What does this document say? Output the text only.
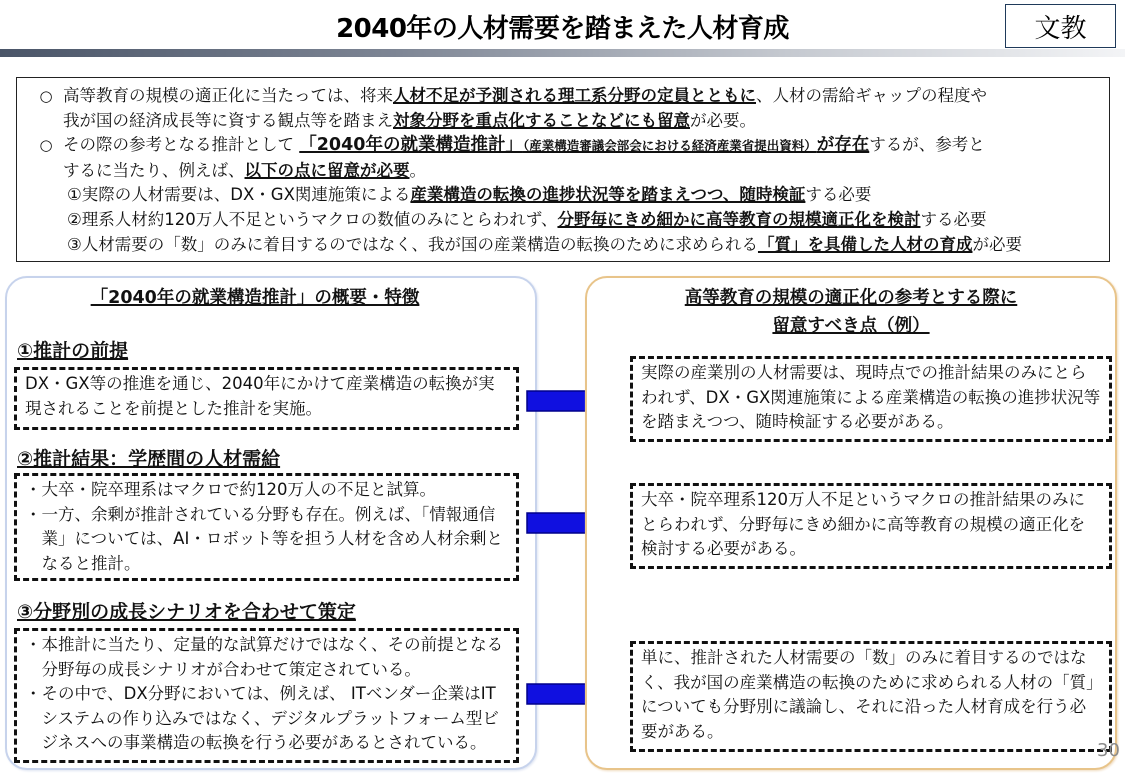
2040年の人材需要を踏まえた人材育成	文教
○ 高等教育の規模の適正化に当たっては、将来人材不足が予測される理工系分野の定員とともに、人材の需給ギャップの程度や
我が国の経済成長等に資する観点等を踏まえ対象分野を重点化することなどにも留意が必要。
○ その際の参考となる推計として 「2040年の就業構造推計」（産業構造審議会部会における経済産業省提出資料）が存在するが、参考と
するに当たり、例えば、以下の点に留意が必要。
①実際の人材需要は、DX・GX関連施策による産業構造の転換の進捗状況等を踏まえつつ、随時検証する必要
②理系人材約120万人不足というマクロの数値のみにとらわれず、分野毎にきめ細かに高等教育の規模適正化を検討する必要
③人材需要の「数」のみに着目するのではなく、我が国の産業構造の転換のために求められる「質」を具備した人材の育成が必要
「2040年の就業構造推計」の概要・特徴
①推計の前提
DX・GX等の推進を通じ、2040年にかけて産業構造の転換が実現されることを前提とした推計を実施。
②推計結果：学歴間の人材需給
・大卒・院卒理系はマクロで約120万人の不足と試算。
・一方、余剰が推計されている分野も存在。例えば、「情報通信業」については、AI・ロボット等を担う人材を含め人材余剰となると推計。
③分野別の成長シナリオを合わせて策定
・本推計に当たり、定量的な試算だけではなく、その前提となる分野毎の成長シナリオが合わせて策定されている。
・その中で、DX分野においては、例えば、 ITベンダー企業はITシステムの作り込みではなく、デジタルプラットフォーム型ビジネスへの事業構造の転換を行う必要があるとされている。
高等教育の規模の適正化の参考とする際に
留意すべき点（例）
実際の産業別の人材需要は、現時点での推計結果のみにとらわれず、DX・GX関連施策による産業構造の転換の進捗状況等を踏まえつつ、随時検証する必要がある。
大卒・院卒理系120万人不足というマクロの推計結果のみにとらわれず、分野毎にきめ細かに高等教育の規模の適正化を検討する必要がある。
単に、推計された人材需要の「数」のみに着目するのではなく、我が国の産業構造の転換のために求められる人材の「質」についても分野別に議論し、それに沿った人材育成を行う必要がある。
30
